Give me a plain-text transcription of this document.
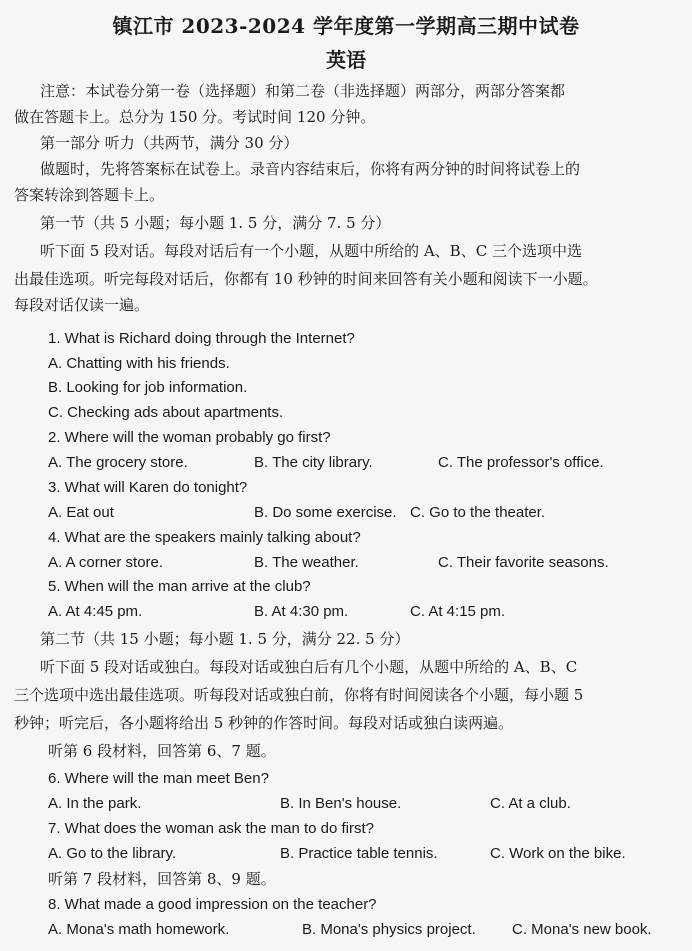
镇江市 2023-2024 学年度第一学期高三期中试卷
英语
注意：本试卷分第一卷（选择题）和第二卷（非选择题）两部分，两部分答案都
做在答题卡上。总分为 150 分。考试时间 120 分钟。
第一部分 听力（共两节，满分 30 分）
做题时，先将答案标在试卷上。录音内容结束后，你将有两分钟的时间将试卷上的
答案转涂到答题卡上。
第一节（共 5 小题；每小题 1. 5 分，满分 7. 5 分）
听下面 5 段对话。每段对话后有一个小题，从题中所给的 A、B、C 三个选项中选
出最佳选项。听完每段对话后，你都有 10 秒钟的时间来回答有关小题和阅读下一小题。
每段对话仅读一遍。
1. What is Richard doing through the Internet?
A. Chatting with his friends.
B. Looking for job information.
C. Checking ads about apartments.
2. Where will the woman probably go first?
A. The grocery store.	B. The city library.	C. The professor's office.
3. What will Karen do tonight?
A. Eat out	B. Do some exercise. C. Go to the theater.
4. What are the speakers mainly talking about?
A. A corner store.	B. The weather.	C. Their favorite seasons.
5. When will the man arrive at the club?
A. At 4:45 pm.	B. At 4:30 pm.	C. At 4:15 pm.
第二节（共 15 小题；每小题 1. 5 分，满分 22. 5 分）
听下面 5 段对话或独白。每段对话或独白后有几个小题，从题中所给的 A、B、C
三个选项中选出最佳选项。听每段对话或独白前，你将有时间阅读各个小题，每小题 5
秒钟；听完后，各小题将给出 5 秒钟的作答时间。每段对话或独白读两遍。
听第 6 段材料，回答第 6、7 题。
6. Where will the man meet Ben?
A. In the park.	B. In Ben's house.	C. At a club.
7. What does the woman ask the man to do first?
A. Go to the library.	B. Practice table tennis.	C. Work on the bike.
听第 7 段材料，回答第 8、9 题。
8. What made a good impression on the teacher?
A. Mona's math homework.	B. Mona's physics project. C. Mona's new book.
